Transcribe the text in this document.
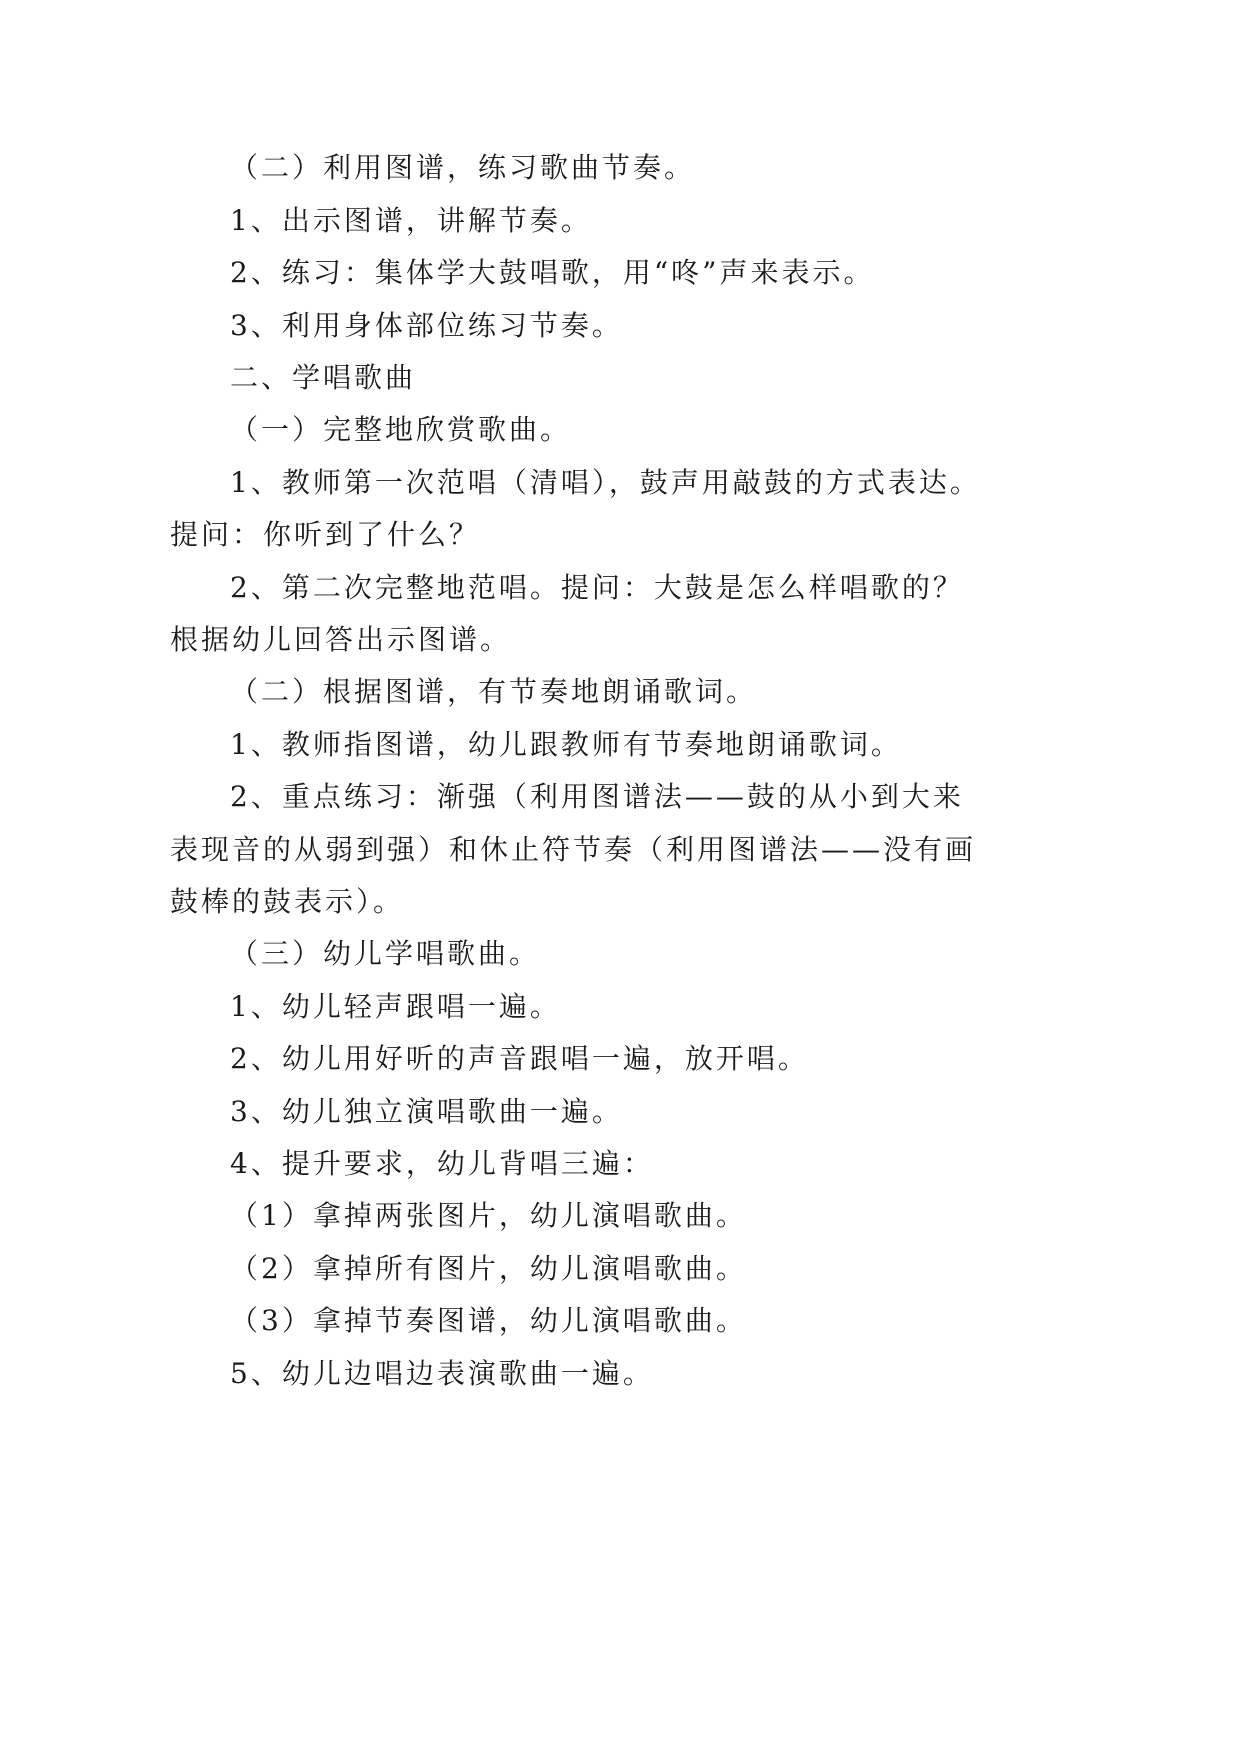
（二）利用图谱，练习歌曲节奏。
1、出示图谱，讲解节奏。
2、练习：集体学大鼓唱歌，用“咚”声来表示。
3、利用身体部位练习节奏。
二、学唱歌曲
（一）完整地欣赏歌曲。
1、教师第一次范唱（清唱），鼓声用敲鼓的方式表达。
提问：你听到了什么？
2、第二次完整地范唱。提问：大鼓是怎么样唱歌的？
根据幼儿回答出示图谱。
（二）根据图谱，有节奏地朗诵歌词。
1、教师指图谱，幼儿跟教师有节奏地朗诵歌词。
2、重点练习：渐强（利用图谱法——鼓的从小到大来
表现音的从弱到强）和休止符节奏（利用图谱法——没有画
鼓棒的鼓表示）。
（三）幼儿学唱歌曲。
1、幼儿轻声跟唱一遍。
2、幼儿用好听的声音跟唱一遍，放开唱。
3、幼儿独立演唱歌曲一遍。
4、提升要求，幼儿背唱三遍：
（1）拿掉两张图片，幼儿演唱歌曲。
（2）拿掉所有图片，幼儿演唱歌曲。
（3）拿掉节奏图谱，幼儿演唱歌曲。
5、幼儿边唱边表演歌曲一遍。
